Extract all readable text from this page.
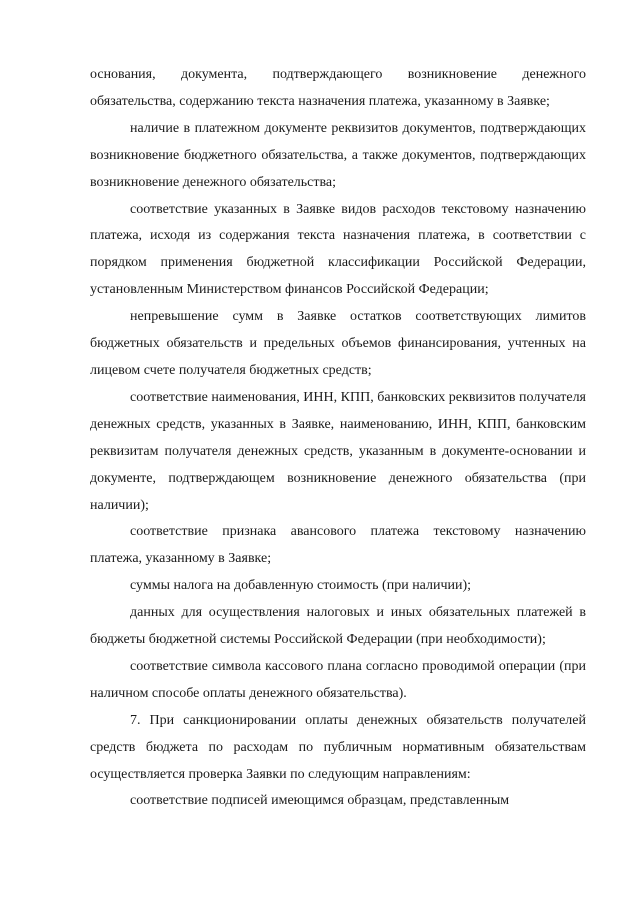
основания, документа, подтверждающего возникновение денежного обязательства, содержанию текста назначения платежа, указанному в Заявке;

наличие в платежном документе реквизитов документов, подтверждающих возникновение бюджетного обязательства, а также документов, подтверждающих возникновение денежного обязательства;

соответствие указанных в Заявке видов расходов текстовому назначению платежа, исходя из содержания текста назначения платежа, в соответствии с порядком применения бюджетной классификации Российской Федерации, установленным Министерством финансов Российской Федерации;

непревышение сумм в Заявке остатков соответствующих лимитов бюджетных обязательств и предельных объемов финансирования, учтенных на лицевом счете получателя бюджетных средств;

соответствие наименования, ИНН, КПП, банковских реквизитов получателя денежных средств, указанных в Заявке, наименованию, ИНН, КПП, банковским реквизитам получателя денежных средств, указанным в документе-основании и документе, подтверждающем возникновение денежного обязательства (при наличии);

соответствие признака авансового платежа текстовому назначению платежа, указанному в Заявке;

суммы налога на добавленную стоимость (при наличии);

данных для осуществления налоговых и иных обязательных платежей в бюджеты бюджетной системы Российской Федерации (при необходимости);

соответствие символа кассового плана согласно проводимой операции (при наличном способе оплаты денежного обязательства).

7. При санкционировании оплаты денежных обязательств получателей средств бюджета по расходам по публичным нормативным обязательствам осуществляется проверка Заявки по следующим направлениям:

соответствие подписей имеющимся образцам, представленным
